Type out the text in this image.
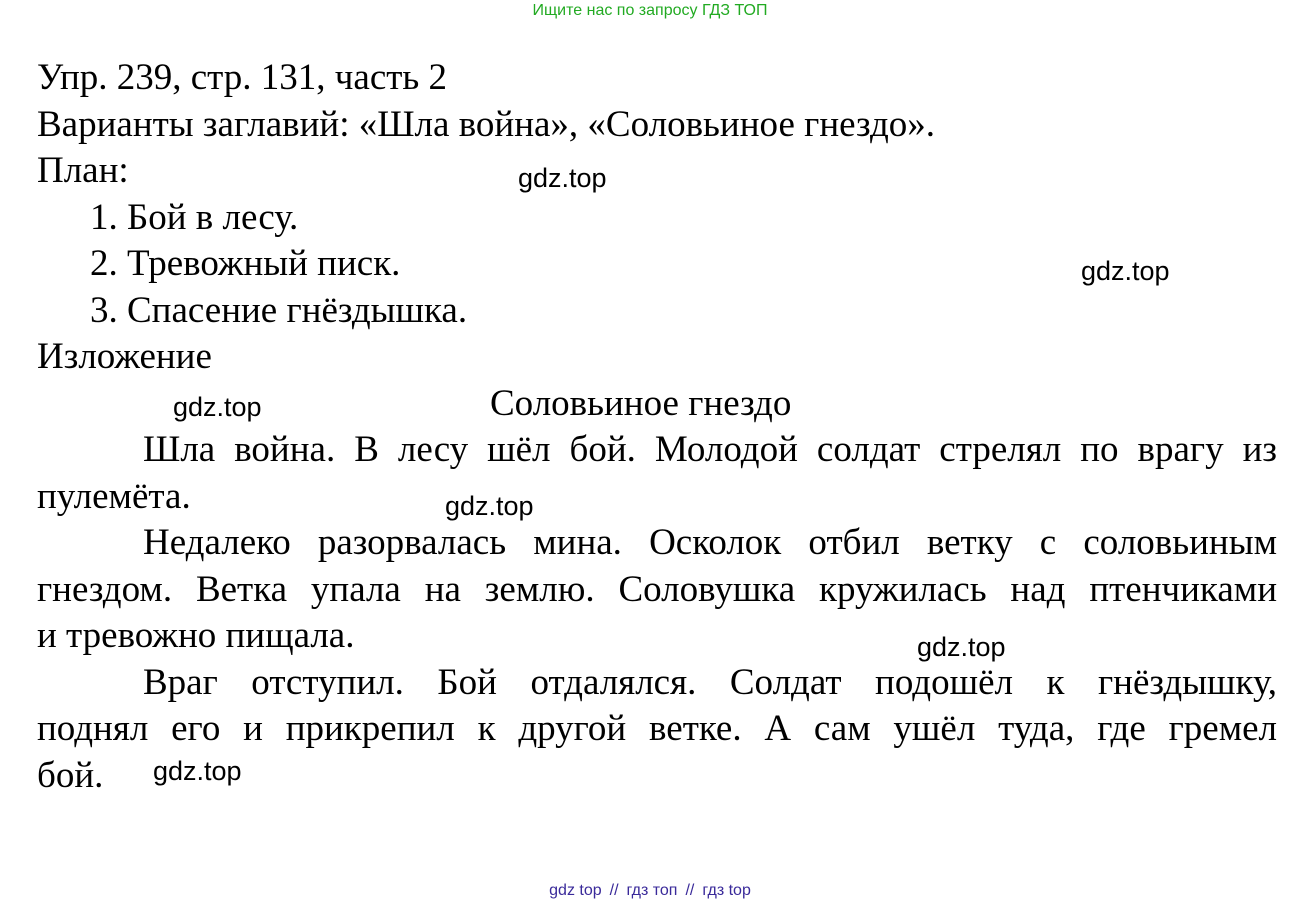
Ищите нас по запросу ГДЗ ТОП
Упр. 239, стр. 131, часть 2
Варианты заглавий: «Шла война», «Соловьиное гнездо».
План:
1. Бой в лесу.
2. Тревожный писк.
3. Спасение гнёздышка.
Изложение
Соловьиное гнездо

Шла война. В лесу шёл бой. Молодой солдат стрелял по врагу из

пулемёта.

Недалеко разорвалась мина. Осколок отбил ветку с соловьиным

гнездом. Ветка упала на землю. Соловушка кружилась над птенчиками

и тревожно пищала.

Враг отступил. Бой отдалялся. Солдат подошёл к гнёздышку,

поднял его и прикрепил к другой ветке. А сам ушёл туда, где гремел

бой.

gdz.top
gdz.top
gdz.top
gdz.top
gdz.top
gdz.top
gdz top // гдз топ // гдз top
